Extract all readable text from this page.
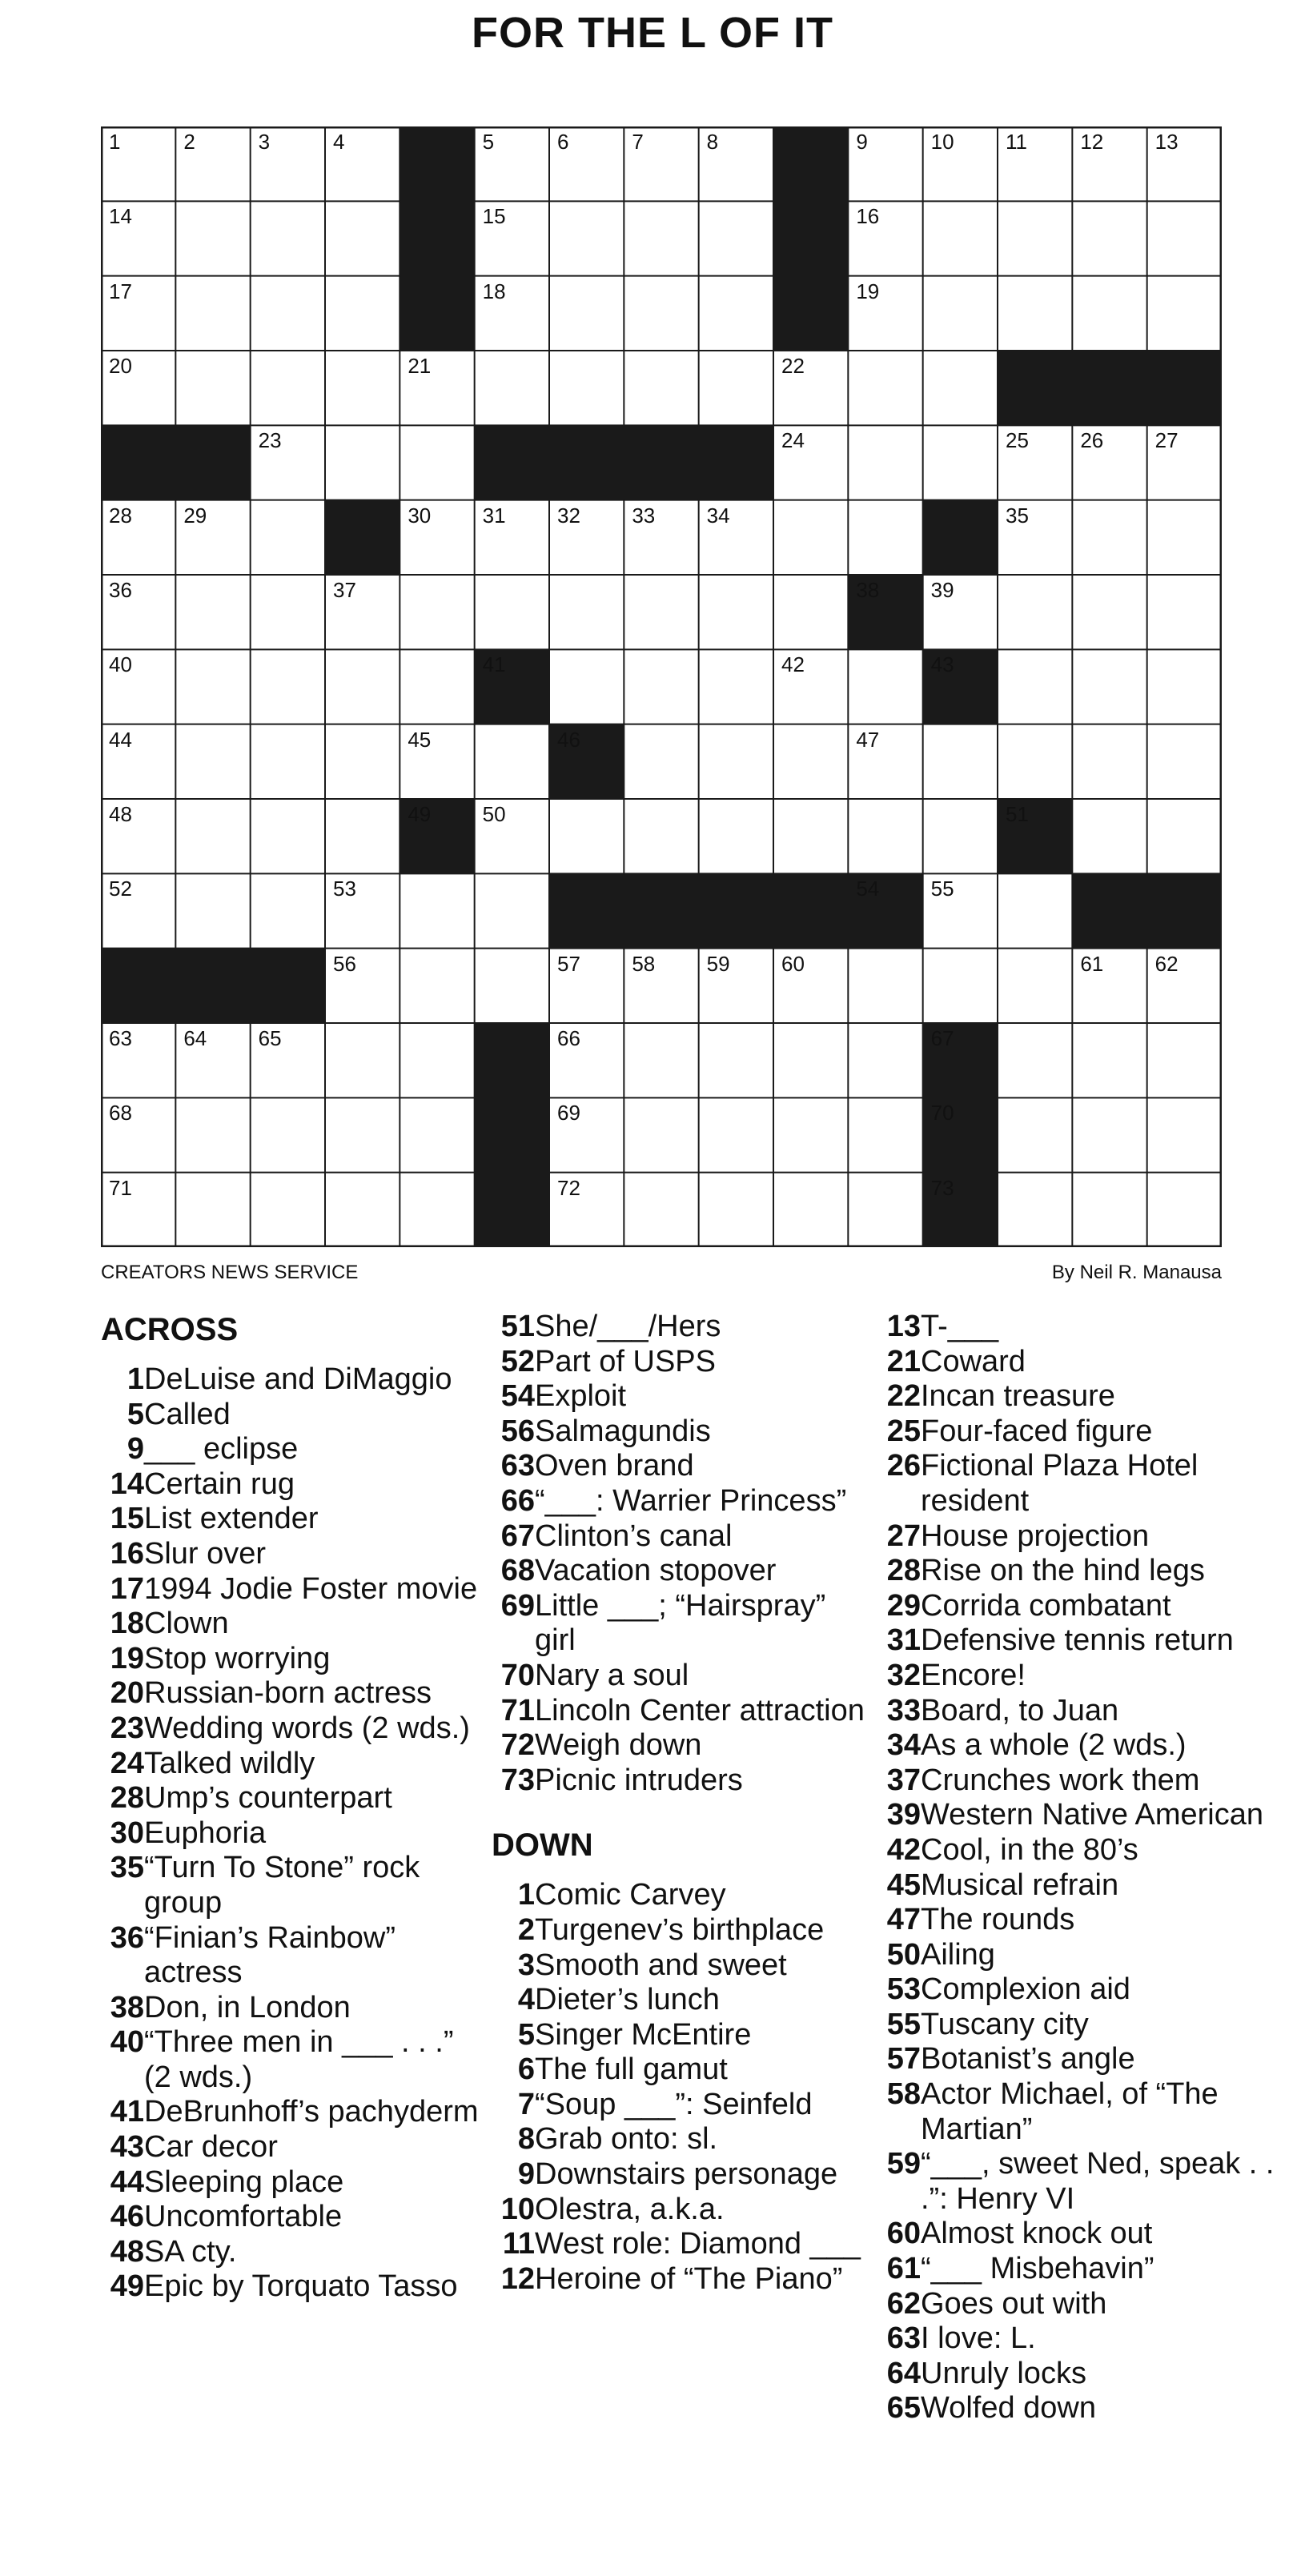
FOR THE L OF IT
1	2	3	4	5	6	7	8	9	10 11	12 13
14	15	16
17	18	19
20	21	22
23	24	25 26 27
28 29	30 31 32 33 34	35
36	37	38 39
40	41	42	43
44	45	46	47
48	49 50	51
52	53	54 55
56	57 58 59 60	61 62
63 64 65	66	67
68	69	70
71	72	73
CREATORS NEWS SERVICE	By Neil R. Manausa
ACROSS
1 DeLuise and DiMaggio
5 Called
9 ___ eclipse
14 Certain rug
15 List extender
16 Slur over
17 1994 Jodie Foster movie
18 Clown
19 Stop worrying
20 Russian-born actress
23 Wedding words (2 wds.)
24 Talked wildly
28 Ump’s counterpart
30 Euphoria
35 “Turn To Stone” rock group
36 “Finian’s Rainbow” actress
38 Don, in London
40 “Three men in ___ . . .” (2 wds.)
41 DeBrunhoff’s pachyderm
43 Car decor
44 Sleeping place
46 Uncomfortable
48 SA cty.
49 Epic by Torquato Tasso
51 She/___/Hers
52 Part of USPS
54 Exploit
56 Salmagundis
63 Oven brand
66 “___: Warrier Princess”
67 Clinton’s canal
68 Vacation stopover
69 Little ___; “Hairspray” girl
70 Nary a soul
71 Lincoln Center attraction
72 Weigh down
73 Picnic intruders
DOWN
1 Comic Carvey
2 Turgenev’s birthplace
3 Smooth and sweet
4 Dieter’s lunch
5 Singer McEntire
6 The full gamut
7 “Soup ___”: Seinfeld
8 Grab onto: sl.
9 Downstairs personage
10 Olestra, a.k.a.
11 West role: Diamond ___
12 Heroine of “The Piano”
13 T-___
21 Coward
22 Incan treasure
25 Four-faced figure
26 Fictional Plaza Hotel resident
27 House projection
28 Rise on the hind legs
29 Corrida combatant
31 Defensive tennis return
32 Encore!
33 Board, to Juan
34 As a whole (2 wds.)
37 Crunches work them
39 Western Native American
42 Cool, in the 80’s
45 Musical refrain
47 The rounds
50 Ailing
53 Complexion aid
55 Tuscany city
57 Botanist’s angle
58 Actor Michael, of “The Martian”
59 “___, sweet Ned, speak . . .”: Henry VI
60 Almost knock out
61 “___ Misbehavin”
62 Goes out with
63 I love: L.
64 Unruly locks
65 Wolfed down
